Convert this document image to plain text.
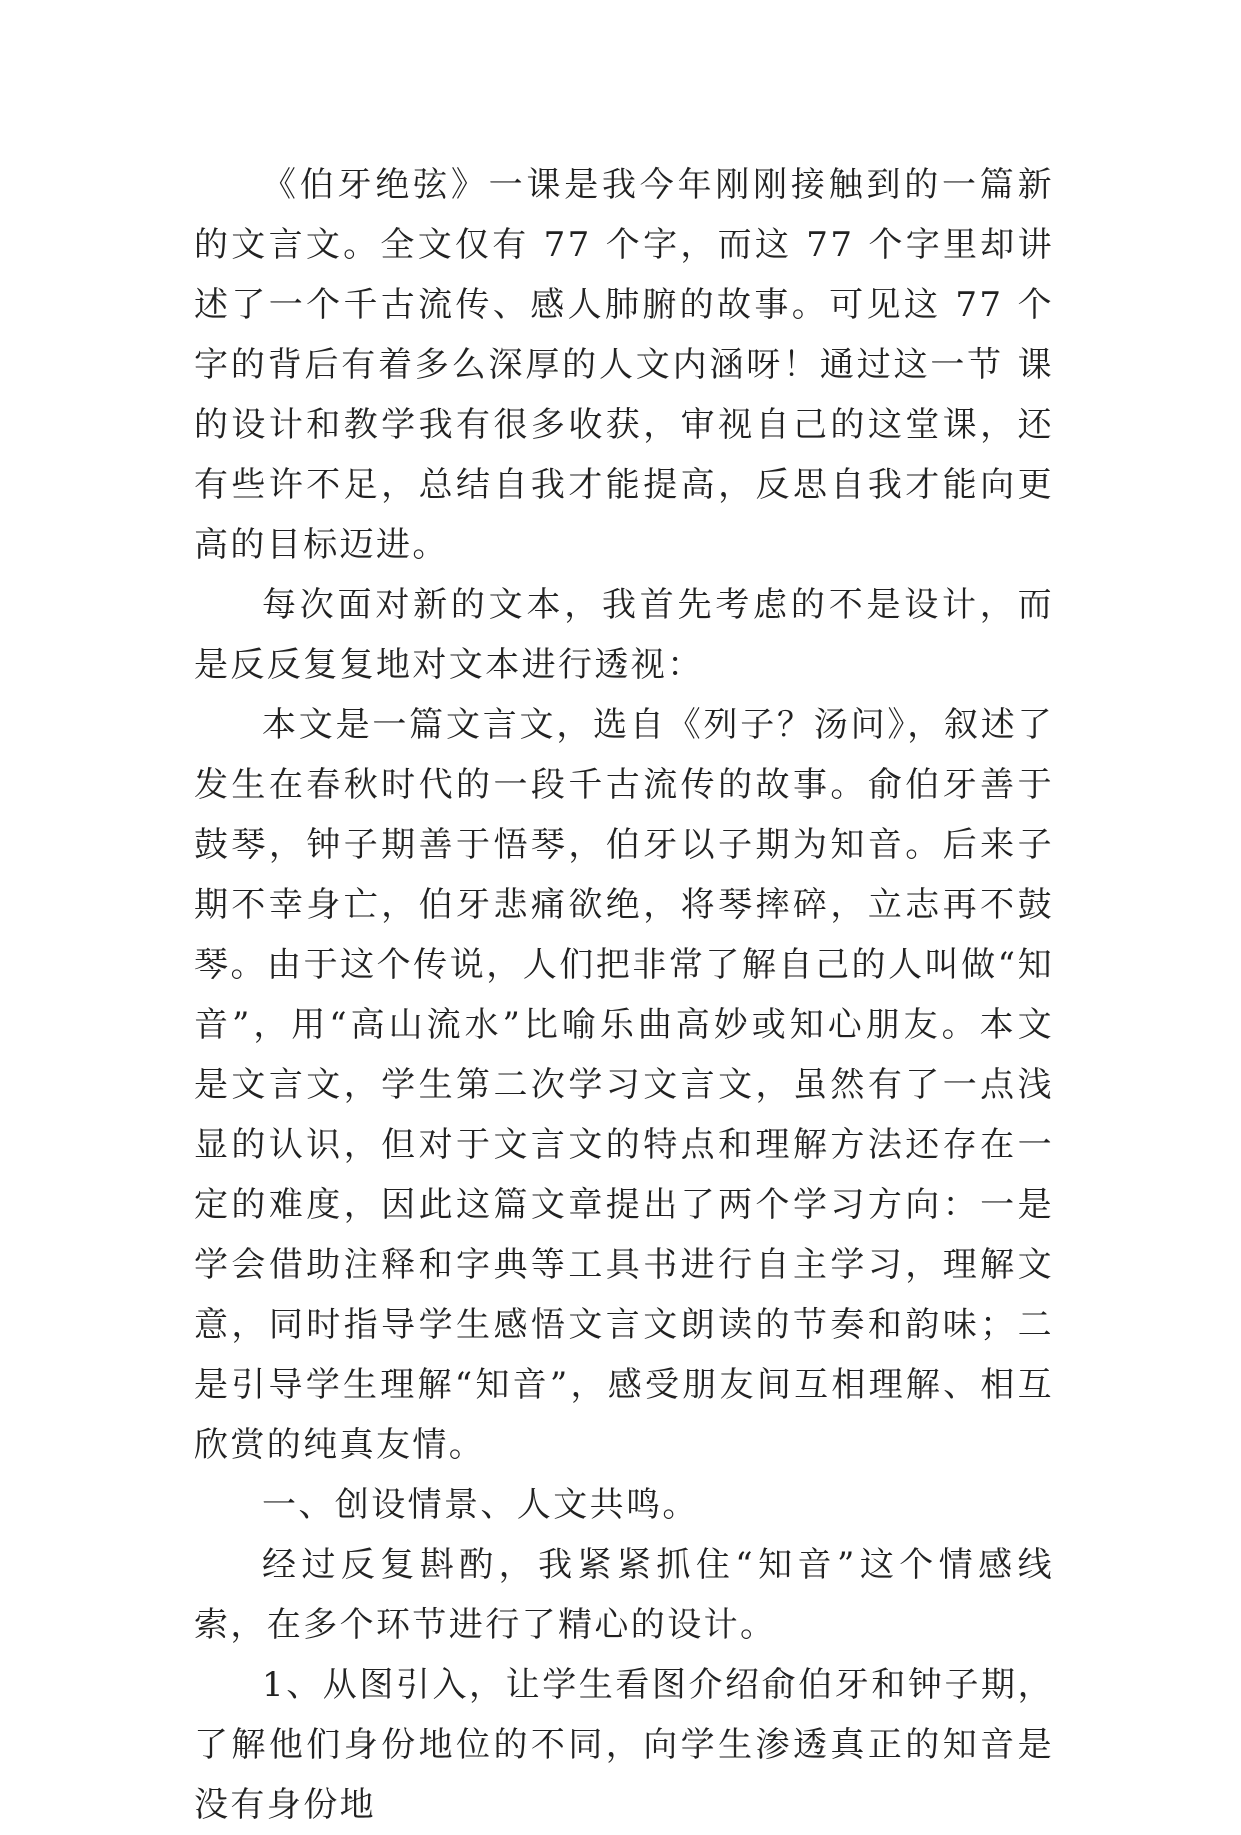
《伯牙绝弦》一课是我今年刚刚接触到的一篇新的文言文。全文仅有 77 个字，而这 77 个字里却讲述了一个千古流传、感人肺腑的故事。可见这 77 个字的背后有着多么深厚的人文内涵呀！通过这一节 课的设计和教学我有很多收获，审视自己的这堂课，还有些许不足，总结自我才能提高，反思自我才能向更高的目标迈进。

每次面对新的文本，我首先考虑的不是设计，而是反反复复地对文本进行透视：

本文是一篇文言文，选自《列子？汤问》，叙述了发生在春秋时代的一段千古流传的故事。俞伯牙善于鼓琴，钟子期善于悟琴，伯牙以子期为知音。后来子期不幸身亡，伯牙悲痛欲绝，将琴摔碎，立志再不鼓琴。由于这个传说，人们把非常了解自己的人叫做“知音”，用“高山流水”比喻乐曲高妙或知心朋友。本文是文言文，学生第二次学习文言文，虽然有了一点浅显的认识，但对于文言文的特点和理解方法还存在一定的难度，因此这篇文章提出了两个学习方向：一是学会借助注释和字典等工具书进行自主学习，理解文意，同时指导学生感悟文言文朗读的节奏和韵味；二是引导学生理解“知音”，感受朋友间互相理解、相互欣赏的纯真友情。

一、创设情景、人文共鸣。

经过反复斟酌，我紧紧抓住“知音”这个情感线索，在多个环节进行了精心的设计。

1、从图引入，让学生看图介绍俞伯牙和钟子期，了解他们身份地位的不同，向学生渗透真正的知音是没有身份地
